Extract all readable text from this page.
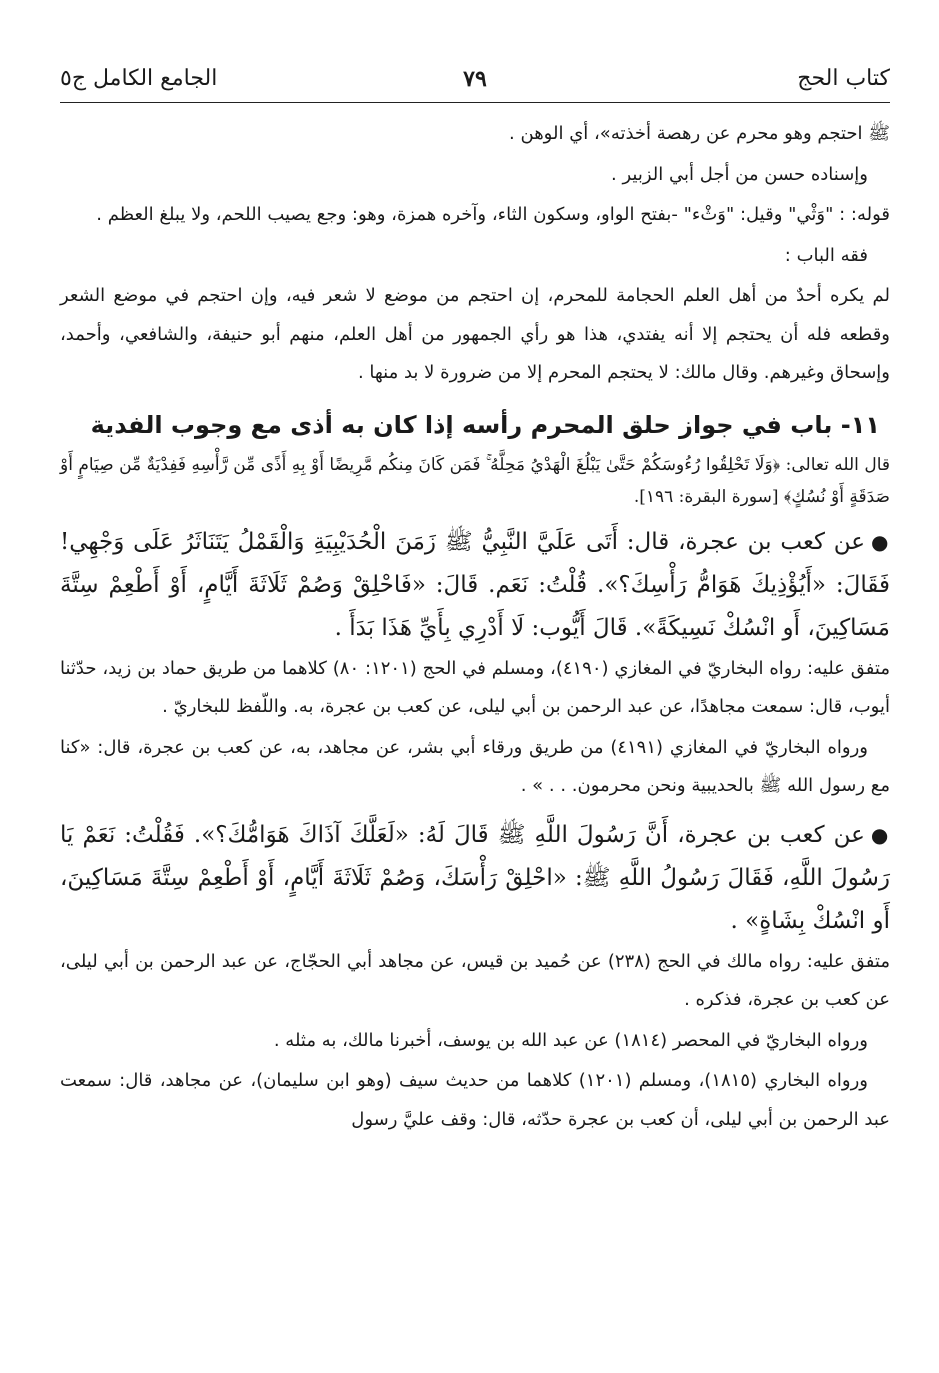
كتاب الحج
٧٩
الجامع الكامل ج٥

ﷺ احتجم وهو محرم عن رهصة أخذته»، أي الوهن .

وإسناده حسن من أجل أبي الزبير .

قوله: : "وَثْي" وقيل: "وَثْء" -بفتح الواو، وسكون الثاء، وآخره همزة، وهو: وجع يصيب اللحم، ولا يبلغ العظم .

فقه الباب :

لم يكره أحدٌ من أهل العلم الحجامة للمحرم، إن احتجم من موضع لا شعر فيه، وإن احتجم في موضع الشعر وقطعه فله أن يحتجم إلا أنه يفتدي، هذا هو رأي الجمهور من أهل العلم، منهم أبو حنيفة، والشافعي، وأحمد، وإسحاق وغيرهم. وقال مالك: لا يحتجم المحرم إلا من ضرورة لا بد منها .

١١- باب في جواز حلق المحرم رأسه إذا كان به أذى مع وجوب الفدية

قال الله تعالى: ﴿وَلَا تَحْلِقُوا رُءُوسَكُمْ حَتَّىٰ يَبْلُغَ الْهَدْيُ مَحِلَّهُ ۚ فَمَن كَانَ مِنكُم مَّرِيضًا أَوْ بِهِ أَذًى مِّن رَّأْسِهِ فَفِدْيَةٌ مِّن صِيَامٍ أَوْ صَدَقَةٍ أَوْ نُسُكٍ﴾ [سورة البقرة: ١٩٦].

●عن كعب بن عجرة، قال: أَتَى عَلَيَّ النَّبِيُّ ﷺ زَمَنَ الْحُدَيْبِيَةِ وَالْقَمْلُ يَتَنَاثَرُ عَلَى وَجْهِي! فَقَالَ: «أَيُؤْذِيكَ هَوَامُّ رَأْسِكَ؟». قُلْتُ: نَعَم. قَالَ: «فَاحْلِقْ وَصُمْ ثَلَاثَةَ أَيَّامٍ، أَوْ أَطْعِمْ سِتَّةَ مَسَاكِينَ، أَو انْسُكْ نَسِيكَةً». قَالَ أَيُّوب: لَا أَدْرِي بِأَيِّ هَذَا بَدَأَ .

متفق عليه: رواه البخاريّ في المغازي (٤١٩٠)، ومسلم في الحج (١٢٠١: ٨٠) كلاهما من طريق حماد بن زيد، حدّثنا أيوب، قال: سمعت مجاهدًا، عن عبد الرحمن بن أبي ليلى، عن كعب بن عجرة، به. واللّفظ للبخاريّ .

ورواه البخاريّ في المغازي (٤١٩١) من طريق ورقاء أبي بشر، عن مجاهد، به، عن كعب بن عجرة، قال: «كنا مع رسول الله ﷺ بالحديبية ونحن محرمون. . . » .

●عن كعب بن عجرة، أَنَّ رَسُولَ اللَّهِ ﷺ قَالَ لَهُ: «لَعَلَّكَ آذَاكَ هَوَامُّكَ؟». فَقُلْتُ: نَعَمْ يَا رَسُولَ اللَّهِ، فَقَالَ رَسُولُ اللَّهِ ﷺ: «احْلِقْ رَأْسَكَ، وَصُمْ ثَلَاثَةَ أَيَّامٍ، أَوْ أَطْعِمْ سِتَّةَ مَسَاكِينَ، أَو انْسُكْ بِشَاةٍ» .

متفق عليه: رواه مالك في الحج (٢٣٨) عن حُميد بن قيس، عن مجاهد أبي الحجّاج، عن عبد الرحمن بن أبي ليلى، عن كعب بن عجرة، فذكره .

ورواه البخاريّ في المحصر (١٨١٤) عن عبد الله بن يوسف، أخبرنا مالك، به مثله .

ورواه البخاري (١٨١٥)، ومسلم (١٢٠١) كلاهما من حديث سيف (وهو ابن سليمان)، عن مجاهد، قال: سمعت عبد الرحمن بن أبي ليلى، أن كعب بن عجرة حدّثه، قال: وقف عليَّ رسول
